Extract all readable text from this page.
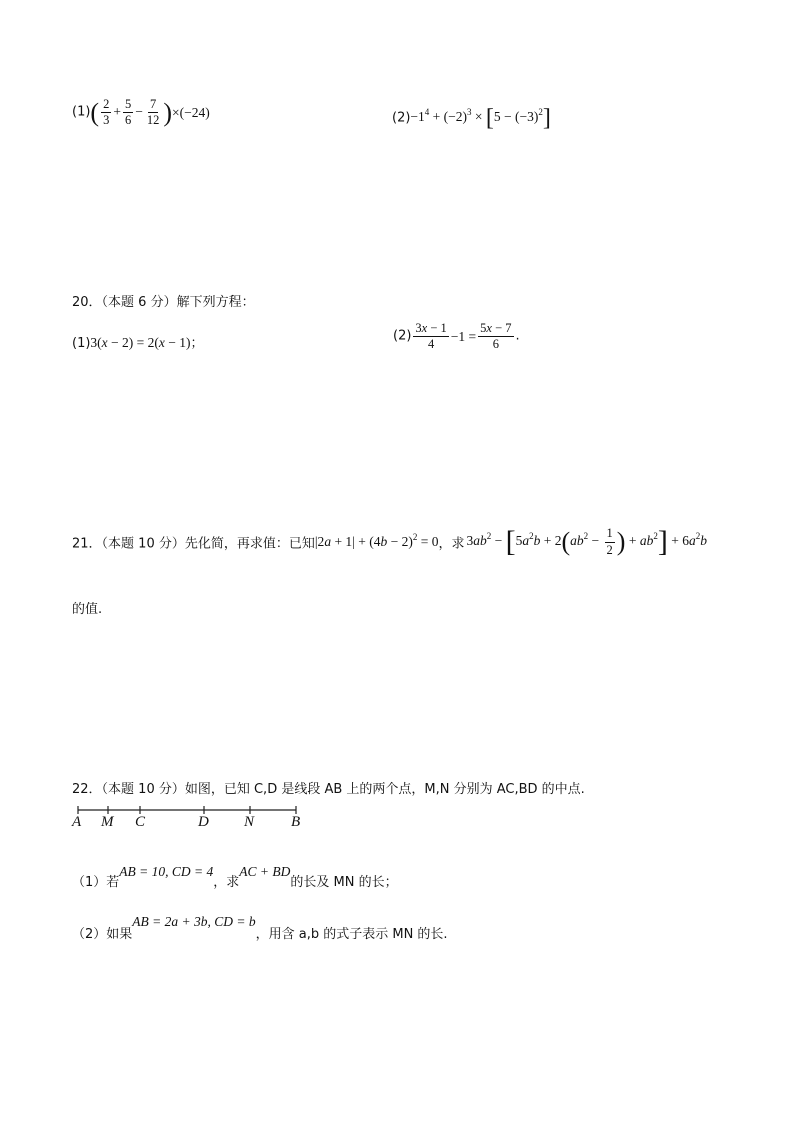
$(1)( \frac{2}{3} + \frac{5}{6} - \frac{7}{12} )\times(-24)$	$(2)-1^4 + (-2)^3 \times [5 - (-3)^2]$
20．（本题 6 分）解下列方程：
(1)3(x − 2) = 2(x − 1)；	$(2) \frac{3x - 1}{4} -1 = \frac{5x - 7}{6}$ .
21．（本题 10 分）先化简，再求值：已知$|2a + 1| + (4b - 2)^2 = 0$，求 $3ab^2 - [5a^2b + 2(ab^2 - \frac{1}{2}$ ) + $ab^2] + 6a^2b$
的值.
22．（本题 10 分）如图，已知 C,D 是线段 AB 上的两个点，M,N 分别为 AC,BD 的中点.
A M C	D N B
（1）若AB = 10, CD = 4，求AC + BD的长及 MN 的长；
（2）如果AB = 2a + 3b, CD = b，用含 a,b 的式子表示 MN 的长.
